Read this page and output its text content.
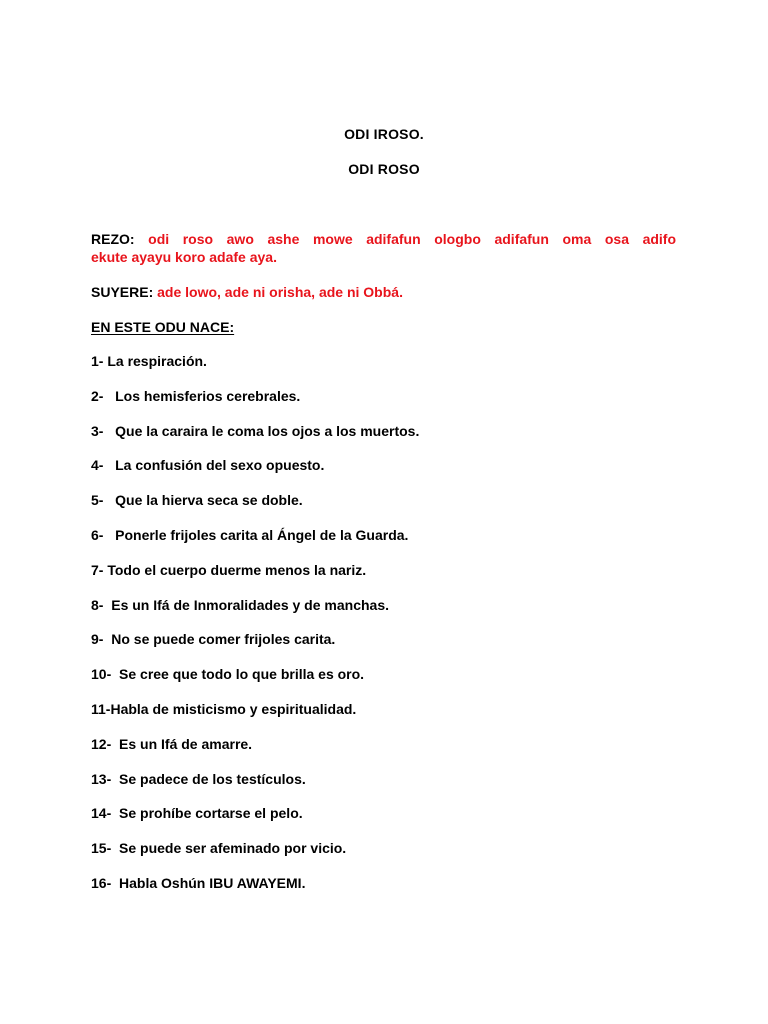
ODI IROSO.
ODI ROSO
REZO: odi roso awo ashe mowe adifafun ologbo adifafun oma osa adifo
ekute ayayu koro adafe aya.
SUYERE: ade lowo, ade ni orisha, ade ni Obbá.
EN ESTE ODU NACE:
1- La respiración.
2- Los hemisferios cerebrales.
3- Que la caraira le coma los ojos a los muertos.
4- La confusión del sexo opuesto.
5- Que la hierva seca se doble.
6- Ponerle frijoles carita al Ángel de la Guarda.
7- Todo el cuerpo duerme menos la nariz.
8- Es un Ifá de Inmoralidades y de manchas.
9- No se puede comer frijoles carita.
10- Se cree que todo lo que brilla es oro.
11-Habla de misticismo y espiritualidad.
12- Es un Ifá de amarre.
13- Se padece de los testículos.
14- Se prohíbe cortarse el pelo.
15- Se puede ser afeminado por vicio.
16- Habla Oshún IBU AWAYEMI.
